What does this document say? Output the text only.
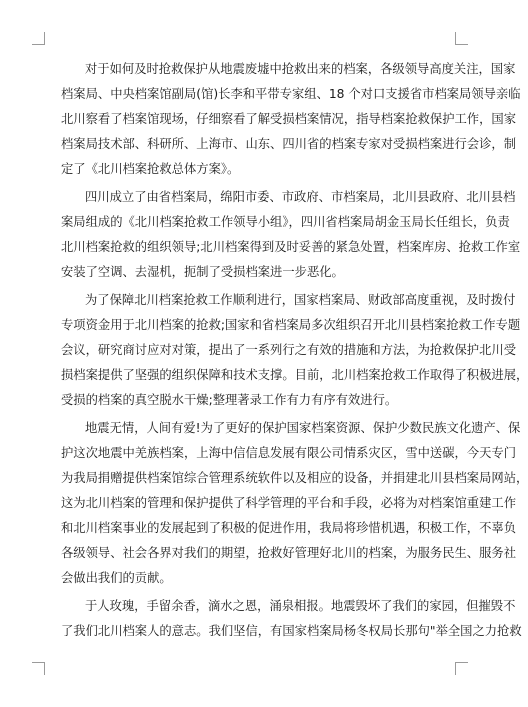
对于如何及时抢救保护从地震废墟中抢救出来的档案，各级领导高度关注，国家
档案局、中央档案馆副局(馆)长李和平带专家组、18 个对口支援省市档案局领导亲临
北川察看了档案馆现场，仔细察看了解受损档案情况，指导档案抢救保护工作，国家
档案局技术部、科研所、上海市、山东、四川省的档案专家对受损档案进行会诊，制
定了《北川档案抢救总体方案》。

四川成立了由省档案局，绵阳市委、市政府、市档案局，北川县政府、北川县档
案局组成的《北川档案抢救工作领导小组》，四川省档案局胡金玉局长任组长，负责
北川档案抢救的组织领导;北川档案得到及时妥善的紧急处置，档案库房、抢救工作室
安装了空调、去湿机，扼制了受损档案进一步恶化。

为了保障北川档案抢救工作顺利进行，国家档案局、财政部高度重视，及时拨付
专项资金用于北川档案的抢救;国家和省档案局多次组织召开北川县档案抢救工作专题
会议，研究商讨应对对策，提出了一系列行之有效的措施和方法，为抢救保护北川受
损档案提供了坚强的组织保障和技术支撑。目前，北川档案抢救工作取得了积极进展，
受损的档案的真空脱水干燥;整理著录工作有力有序有效进行。

地震无情，人间有爱!为了更好的保护国家档案资源、保护少数民族文化遗产、保
护这次地震中羌族档案，上海中信信息发展有限公司情系灾区，雪中送碳，今天专门
为我局捐赠提供档案馆综合管理系统软件以及相应的设备，并捐建北川县档案局网站，
这为北川档案的管理和保护提供了科学管理的平台和手段，必将为对档案馆重建工作
和北川档案事业的发展起到了积极的促进作用，我局将珍惜机遇，积极工作，不辜负
各级领导、社会各界对我们的期望，抢救好管理好北川的档案，为服务民生、服务社
会做出我们的贡献。

于人玫瑰，手留余香，滴水之恩，涌泉相报。地震毁坏了我们的家园，但摧毁不
了我们北川档案人的意志。我们坚信，有国家档案局杨冬权局长那句"举全国之力抢救
